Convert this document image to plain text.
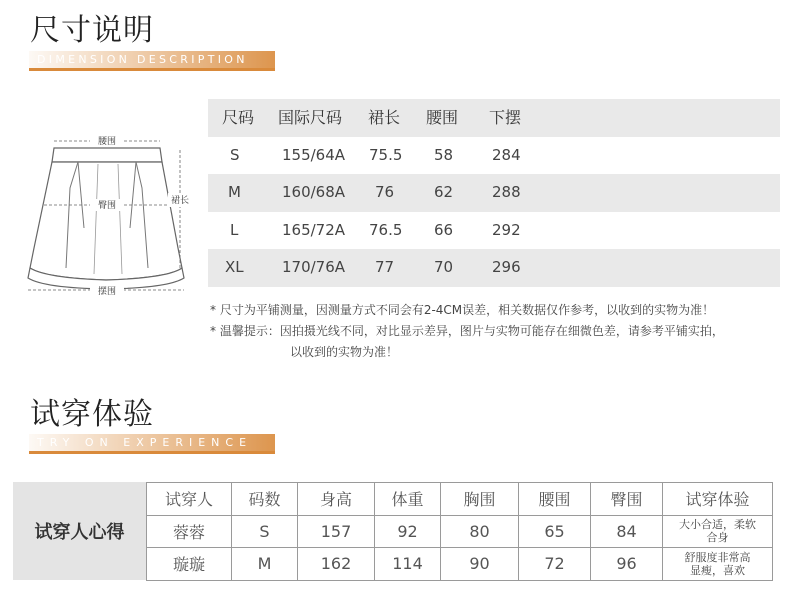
尺寸说明
DIMENSION DESCRIPTION
腰围
臀围	裙长
摆围
尺码 国际尺码 裙长 腰围 下摆
S	155/64A 75.5 58	284
M	160/68A 76	62	288
L	165/72A 76.5 66	292
XL	170/76A 77	70	296
* 尺寸为平铺测量，因测量方式不同会有2-4CM误差，相关数据仅作参考，以收到的实物为准！
* 温馨提示：因拍摄光线不同，对比显示差异，图片与实物可能存在细微色差，请参考平铺实拍，
以收到的实物为准！
试穿体验
TRY ON EXPERIENCE
试穿人心得
试穿人	码数	身高	体重	胸围	腰围	臀围	试穿体验
蓉蓉	S	157	92	80	65	84	大小合适，柔软合身
璇璇	M	162	114	90	72	96	舒服度非常高显瘦，喜欢
